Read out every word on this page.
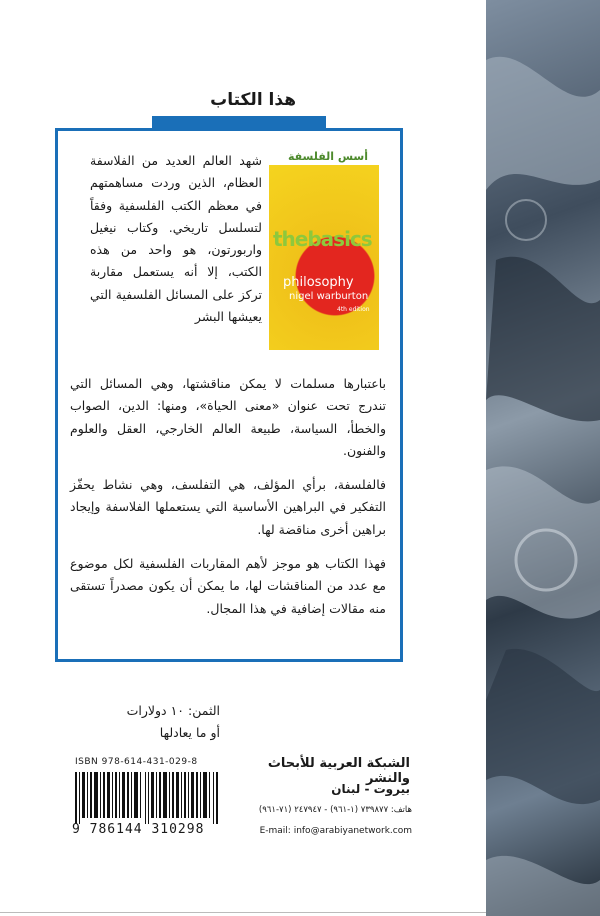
هذا الكتاب
أسس الفلسفة
thebasics
philosophy
nigel warburton
4th edition
شهد العالم العديد من الفلاسفة العظام، الذين وردت مساهمتهم في معظم الكتب الفلسفية وفقاً لتسلسل تاريخي. وكتاب نيغيل واربورتون، هو واحد من هذه الكتب، إلا أنه يستعمل مقاربة تركز على المسائل الفلسفية التي يعيشها البشر

باعتبارها مسلمات لا يمكن مناقشتها، وهي المسائل التي تندرج تحت عنوان «معنى الحياة»، ومنها: الدين، الصواب والخطأ، السياسة، طبيعة العالم الخارجي، العقل والعلوم والفنون.

فالفلسفة، برأي المؤلف، هي التفلسف، وهي نشاط يحفّز التفكير في البراهين الأساسية التي يستعملها الفلاسفة وإيجاد براهين أخرى مناقضة لها.

فهذا الكتاب هو موجز لأهم المقاربات الفلسفية لكل موضوع مع عدد من المناقشات لها، ما يمكن أن يكون مصدراً تستقى منه مقالات إضافية في هذا المجال.

الثمن: ١٠ دولارات
أو ما يعادلها
ISBN 978-614-431-029-8
9 786144 310298
الشبكة العربية للأبحاث والنشر
بيروت - لبنان
هاتف: ٧٣٩٨٧٧ (١-٩٦١) - ٢٤٧٩٤٧ (٧١-٩٦١)
E-mail: info@arabiyanetwork.com
